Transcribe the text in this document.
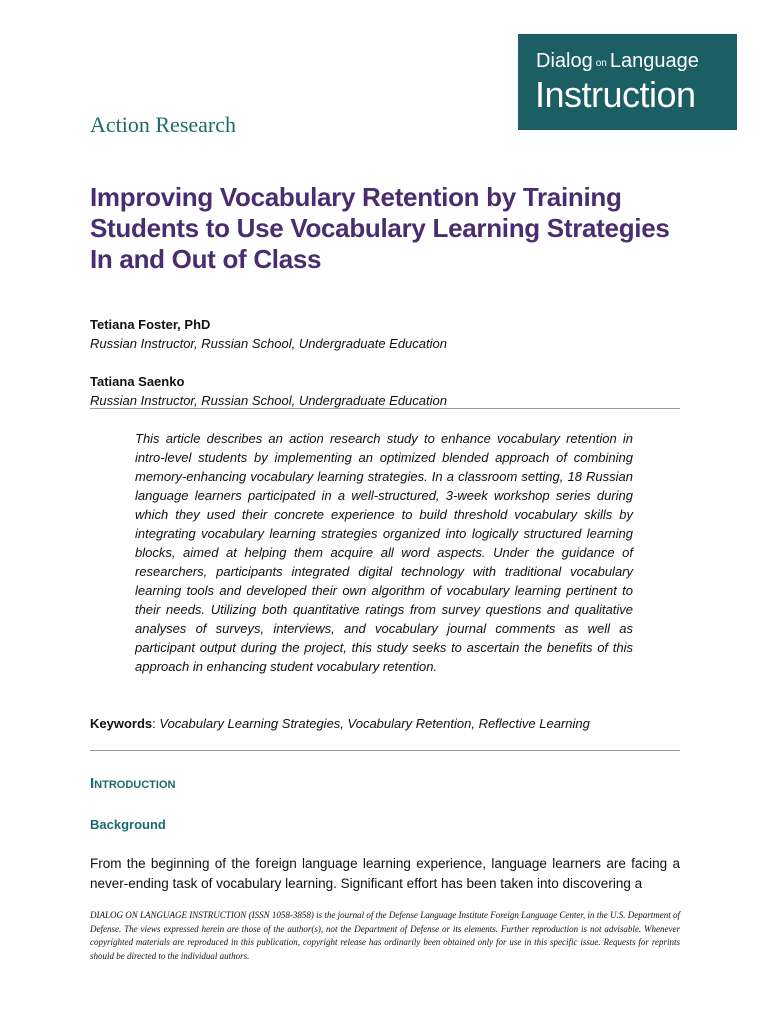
Dialog on Language
Instruction
Action Research
Improving Vocabulary Retention by Training Students to Use Vocabulary Learning Strategies In and Out of Class
Tetiana Foster, PhD
Russian Instructor, Russian School, Undergraduate Education
Tatiana Saenko
Russian Instructor, Russian School, Undergraduate Education

This article describes an action research study to enhance vocabulary retention in intro-level students by implementing an optimized blended approach of combining memory-enhancing vocabulary learning strategies. In a classroom setting, 18 Russian language learners participated in a well-structured, 3-week workshop series during which they used their concrete experience to build threshold vocabulary skills by integrating vocabulary learning strategies organized into logically structured learning blocks, aimed at helping them acquire all word aspects. Under the guidance of researchers, participants integrated digital technology with traditional vocabulary learning tools and developed their own algorithm of vocabulary learning pertinent to their needs. Utilizing both quantitative ratings from survey questions and qualitative analyses of surveys, interviews, and vocabulary journal comments as well as participant output during the project, this study seeks to ascertain the benefits of this approach in enhancing student vocabulary retention.

Keywords: Vocabulary Learning Strategies, Vocabulary Retention, Reflective Learning
Introduction
Background

From the beginning of the foreign language learning experience, language learners are facing a never-ending task of vocabulary learning. Significant effort has been taken into discovering a

DIALOG ON LANGUAGE INSTRUCTION (ISSN 1058-3858) is the journal of the Defense Language Institute Foreign Language Center, in the U.S. Department of Defense. The views expressed herein are those of the author(s), not the Department of Defense or its elements. Further reproduction is not advisable. Whenever copyrighted materials are reproduced in this publication, copyright release has ordinarily been obtained only for use in this specific issue. Requests for reprints should be directed to the individual authors.
